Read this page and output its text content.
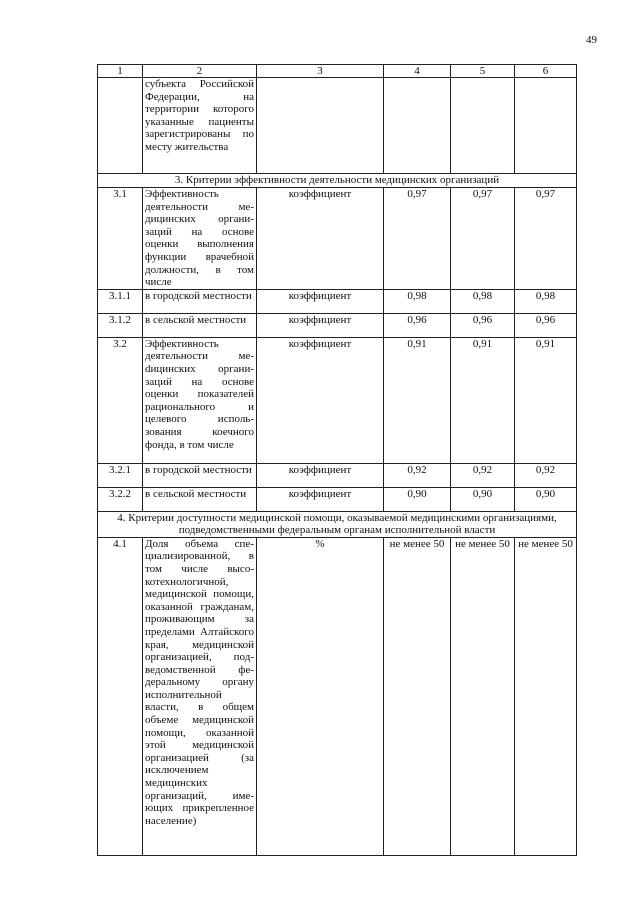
49
1	2	3	4	5	6
	субъекта Российской Федерации, на территории которого указанные пациенты зарегистрированы по месту жительства				
3. Критерии эффективности деятельности медицинских организаций					
3.1	Эффективность деятельности медицинских организаций на основе оценки выполнения функции врачебной должности, в том числе	коэффициент	0,97	0,97	0,97
3.1.1	в городской местности	коэффициент	0,98	0,98	0,98
3.1.2	в сельской местности	коэффициент	0,96	0,96	0,96
3.2	Эффективность деятельности меdицинских организаций на основе оценки показателей рационального и целевого использования коечного фонда, в том числе	коэффициент	0,91	0,91	0,91
3.2.1	в городской местности	коэффициент	0,92	0,92	0,92
3.2.2	в сельской местности	коэффициент	0,90	0,90	0,90
4. Критерии доступности медицинской помощи, оказываемой медицинскими организациями, подведомственными федеральным органам исполнительной власти					
4.1	Доля объема специализированной, в том числе высокотехнологичной, медицинской помощи, оказанной гражданам, проживающим за пределами Алтайского края, медицинской организацией, подведомственной федеральному органу исполнительной власти, в общем объеме медицинской помощи, оказанной этой медицинской организацией (за исключением медицинских организаций, имеющих прикрепленное население)	%	не менее 50	не менее 50	не менее 50
